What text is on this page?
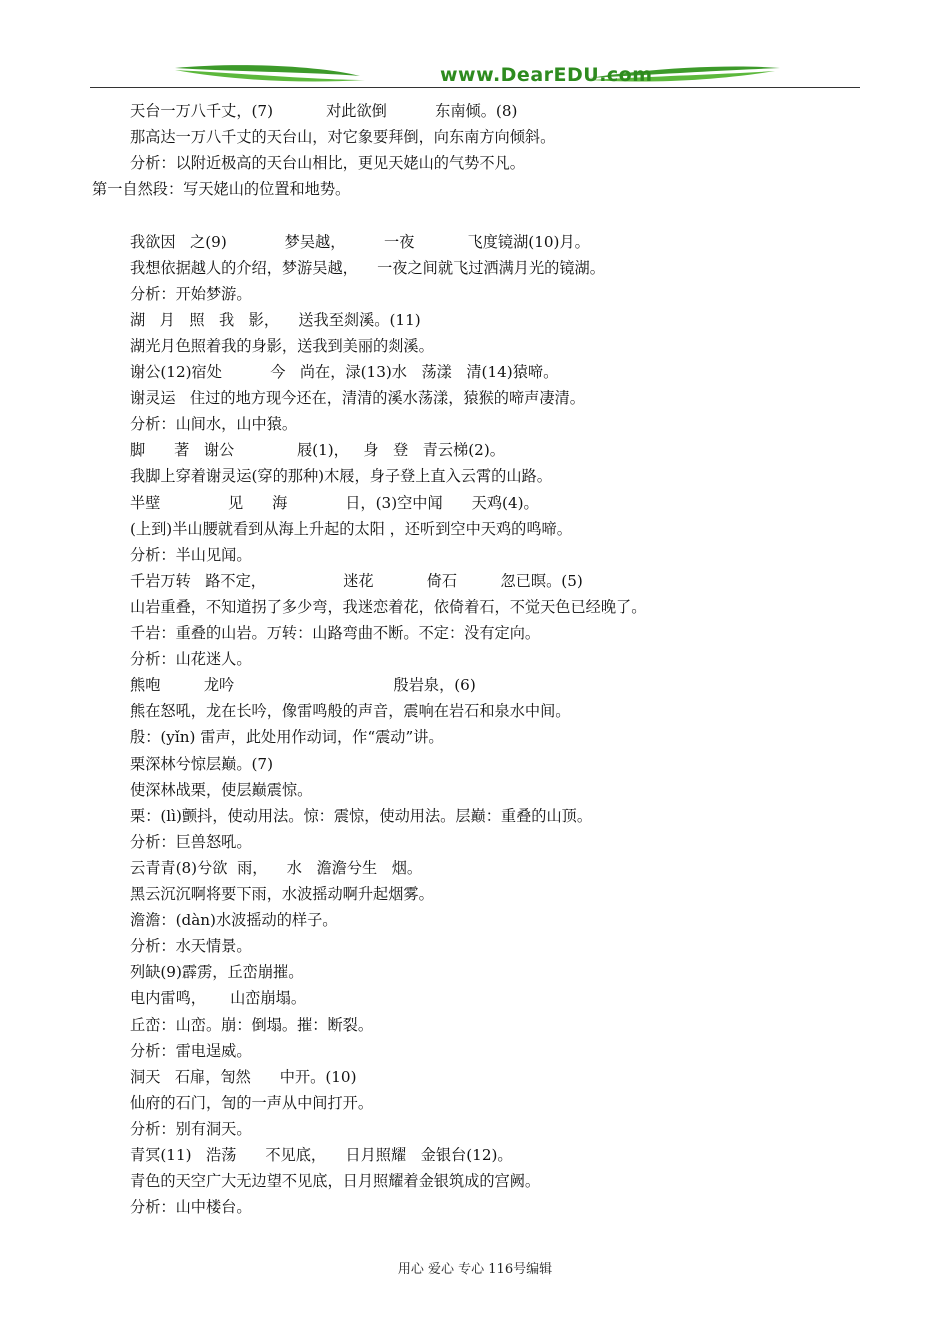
www.DearEDU.com
天台一万八千丈，(7)           对此欲倒          东南倾。(8)
那高达一万八千丈的天台山，对它象要拜倒，向东南方向倾斜。
分析：以附近极高的天台山相比，更见天姥山的气势不凡。
第一自然段：写天姥山的位置和地势。
我欲因   之(9)            梦吴越，        一夜           飞度镜湖(10)月。
我想依据越人的介绍，梦游吴越，    一夜之间就飞过洒满月光的镜湖。
分析：开始梦游。
湖   月   照   我   影，    送我至剡溪。(11)
湖光月色照着我的身影，送我到美丽的剡溪。
谢公(12)宿处          今   尚在，渌(13)水   荡漾   清(14)猿啼。
谢灵运   住过的地方现今还在，清清的溪水荡漾，猿猴的啼声凄清。
分析：山间水，山中猿。
脚      著   谢公             屐(1)，   身   登   青云梯(2)。
我脚上穿着谢灵运(穿的那种)木屐，身子登上直入云霄的山路。
半壁              见      海            日，(3)空中闻      天鸡(4)。
(上到)半山腰就看到从海上升起的太阳 ，还听到空中天鸡的鸣啼。
分析：半山见闻。
千岩万转   路不定，                迷花           倚石         忽已暝。(5)
山岩重叠，不知道拐了多少弯，我迷恋着花，依倚着石，不觉天色已经晚了。
千岩：重叠的山岩。万转：山路弯曲不断。不定：没有定向。
分析：山花迷人。
熊咆         龙吟                                 殷岩泉，(6)
熊在怒吼，龙在长吟，像雷鸣般的声音，震响在岩石和泉水中间。
殷：(yǐn) 雷声，此处用作动词，作“震动”讲。
栗深林兮惊层巅。(7)
使深林战栗，使层巅震惊。
栗：(lì)颤抖，使动用法。惊：震惊，使动用法。层巅：重叠的山顶。
分析：巨兽怒吼。
云青青(8)兮欲  雨，    水   澹澹兮生   烟。
黑云沉沉啊将要下雨，水波摇动啊升起烟雾。
澹澹：(dàn)水波摇动的样子。
分析：水天情景。
列缺(9)霹雳，丘峦崩摧。
电内雷鸣，     山峦崩塌。
丘峦：山峦。崩：倒塌。摧：断裂。
分析：雷电逞威。
洞天   石扉，訇然      中开。(10)
仙府的石门，訇的一声从中间打开。
分析：别有洞天。
青冥(11)   浩荡      不见底，    日月照耀   金银台(12)。
青色的天空广大无边望不见底，日月照耀着金银筑成的宫阙。
分析：山中楼台。
用心 爱心 专心 116号编辑
